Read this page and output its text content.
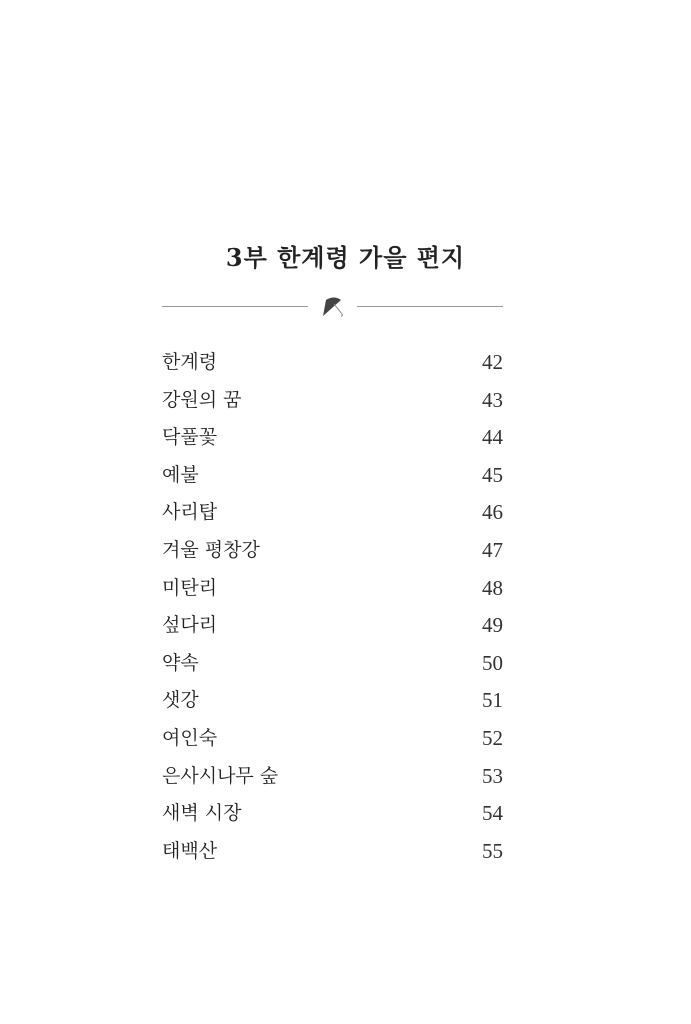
3부 한계령 가을 편지
한계령	42
강원의 꿈	43
닥풀꽃	44
예불	45
사리탑	46
겨울 평창강	47
미탄리	48
섶다리	49
약속	50
샛강	51
여인숙	52
은사시나무 숲	53
새벽 시장	54
태백산	55
